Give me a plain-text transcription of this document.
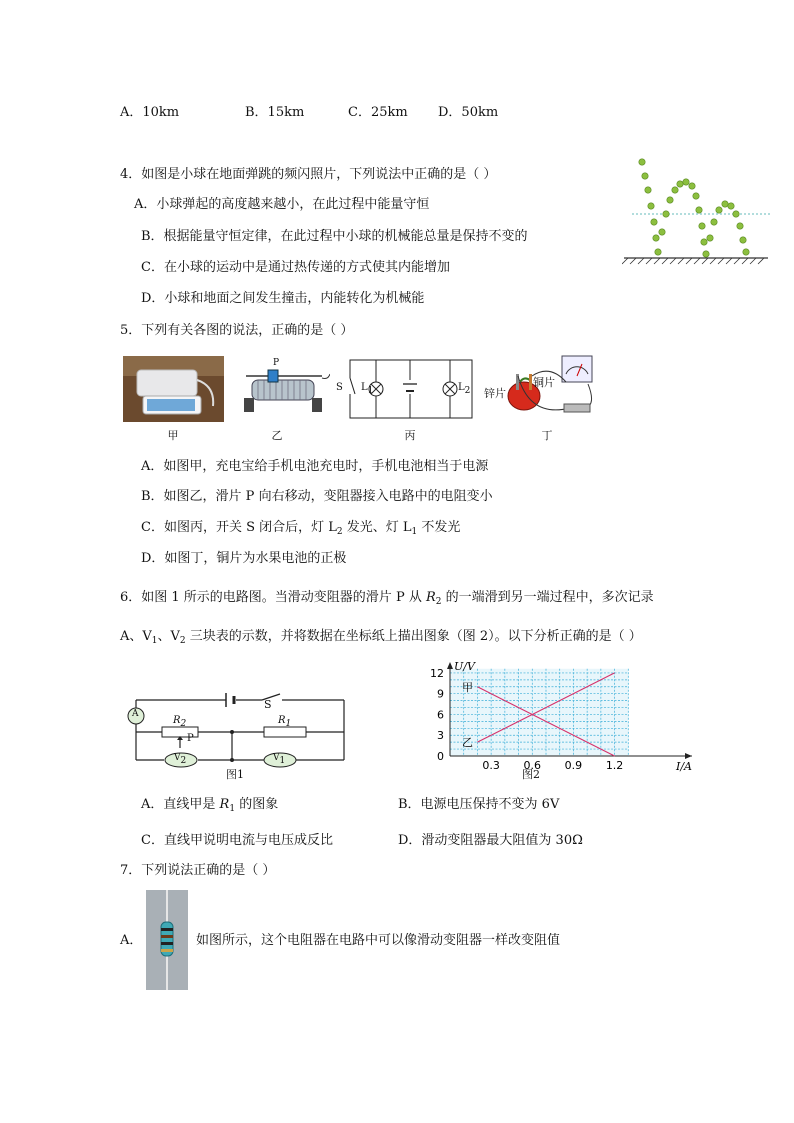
A．10km	B．15km	C．25km D．50km
4．如图是小球在地面弹跳的频闪照片，下列说法中正确的是（ ）
A．小球弹起的高度越来越小，在此过程中能量守恒
B．根据能量守恒定律，在此过程中小球的机械能总量是保持不变的
C．在小球的运动中是通过热传递的方式使其内能增加
D．小球和地面之间发生撞击，内能转化为机械能
5．下列有关各图的说法，正确的是（ ）
甲
P
乙
S $L_1$	$L_2$
丙
锌片
铜片
丁
A．如图甲，充电宝给手机电池充电时，手机电池相当于电源
B．如图乙，滑片 P 向右移动，变阻器接入电路中的电阻变小
C．如图丙，开关 S 闭合后，灯 $L_2$ 发光、灯 $L_1$ 不发光
D．如图丁，铜片为水果电池的正极
6．如图 1 所示的电路图。当滑动变阻器的滑片 P 从 $R_2$ 的一端滑到另一端过程中，多次记录
A、$V_1$、$V_2$ 三块表的示数，并将数据在坐标纸上描出图象（图 2）。以下分析正确的是（ ）
A
S
$R_2$	$R_1$
P
$V_2$	$V_1$
图1
12
9
6
3
0
0.3 0.6 0.9 1.2
U/V
I/A
甲
乙
图2
A．直线甲是 $R_1$ 的图象	B．电源电压保持不变为 6V
C．直线甲说明电流与电压成反比	D．滑动变阻器最大阻值为 30Ω
7．下列说法正确的是（ ）
A．	如图所示，这个电阻器在电路中可以像滑动变阻器一样改变阻值
